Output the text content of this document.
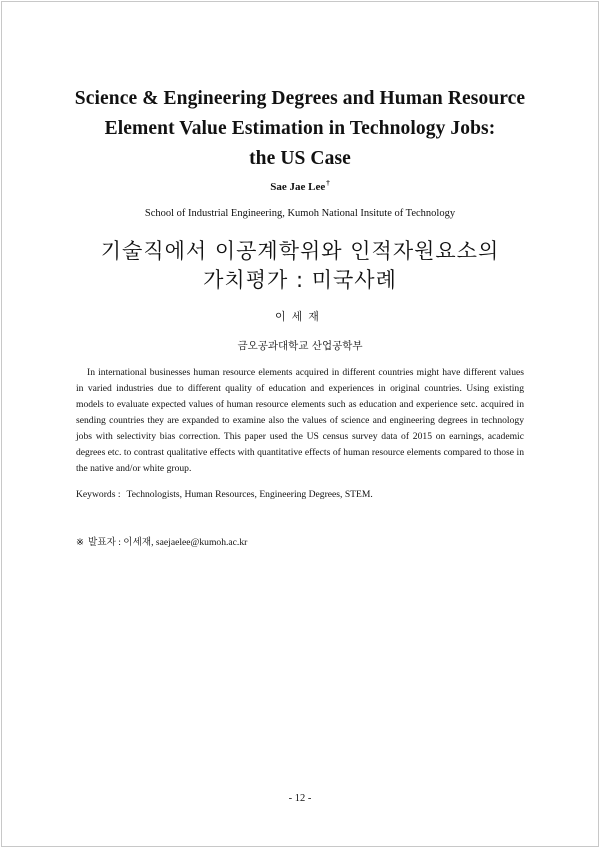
Science & Engineering Degrees and Human Resource
Element Value Estimation in Technology Jobs:
the US Case
Sae Jae Lee†
School of Industrial Engineering, Kumoh National Insitute of Technology
기술직에서 이공계학위와 인적자원요소의
가치평가 : 미국사례
이세재
금오공과대학교 산업공학부

In international businesses human resource elements acquired in different countries might have different values in varied industries due to different quality of education and experiences in original countries. Using existing models to evaluate expected values of human resource elements such as education and experience setc. acquired in sending countries they are expanded to examine also the values of science and engineering degrees in technology jobs with selectivity bias correction. This paper used the US census survey data of 2015 on earnings, academic degrees etc. to contrast qualitative effects with quantitative effects of human resource elements compared to those in the native and/or white group.

Keywords : Technologists, Human Resources, Engineering Degrees, STEM.
※ 발표자 : 이세재, saejaelee@kumoh.ac.kr
- 12 -
